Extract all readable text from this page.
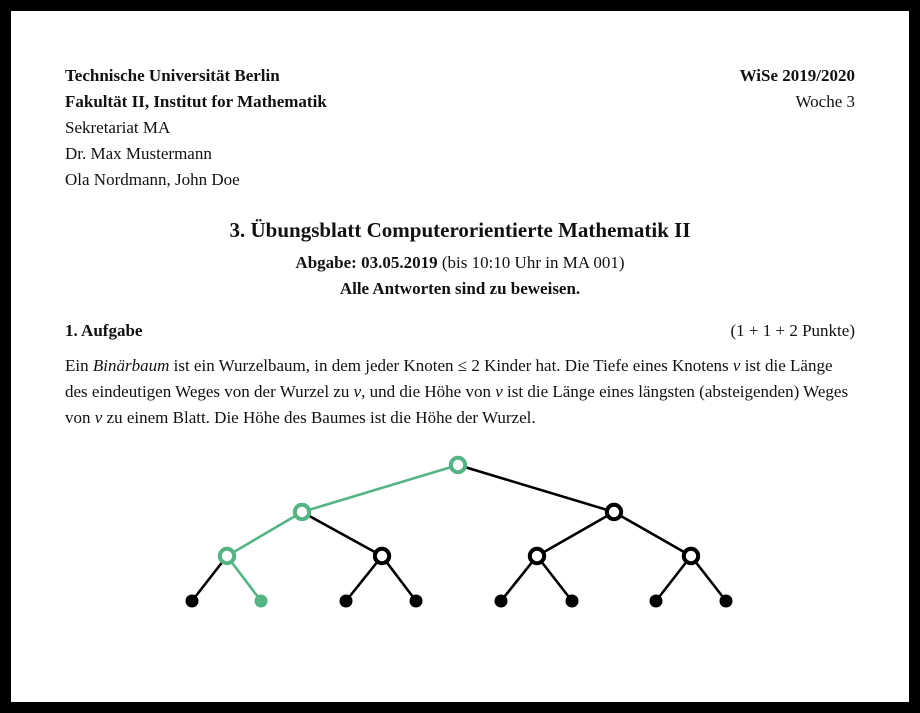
Technische Universität Berlin
Fakultät II, Institut for Mathematik
Sekretariat MA
Dr. Max Mustermann
Ola Nordmann, John Doe
WiSe 2019/2020
Woche 3
3. Übungsblatt Computerorientierte Mathematik II
Abgabe: 03.05.2019 (bis 10:10 Uhr in MA 001)
Alle Antworten sind zu beweisen.
1. Aufgabe	(1 + 1 + 2 Punkte)

Ein Binärbaum ist ein Wurzelbaum, in dem jeder Knoten ≤ 2 Kinder hat. Die Tiefe eines Knotens v ist die Länge des eindeutigen Weges von der Wurzel zu v, und die Höhe von v ist die Länge eines längsten (absteigenden) Weges von v zu einem Blatt. Die Höhe des Baumes ist die Höhe der Wurzel.
